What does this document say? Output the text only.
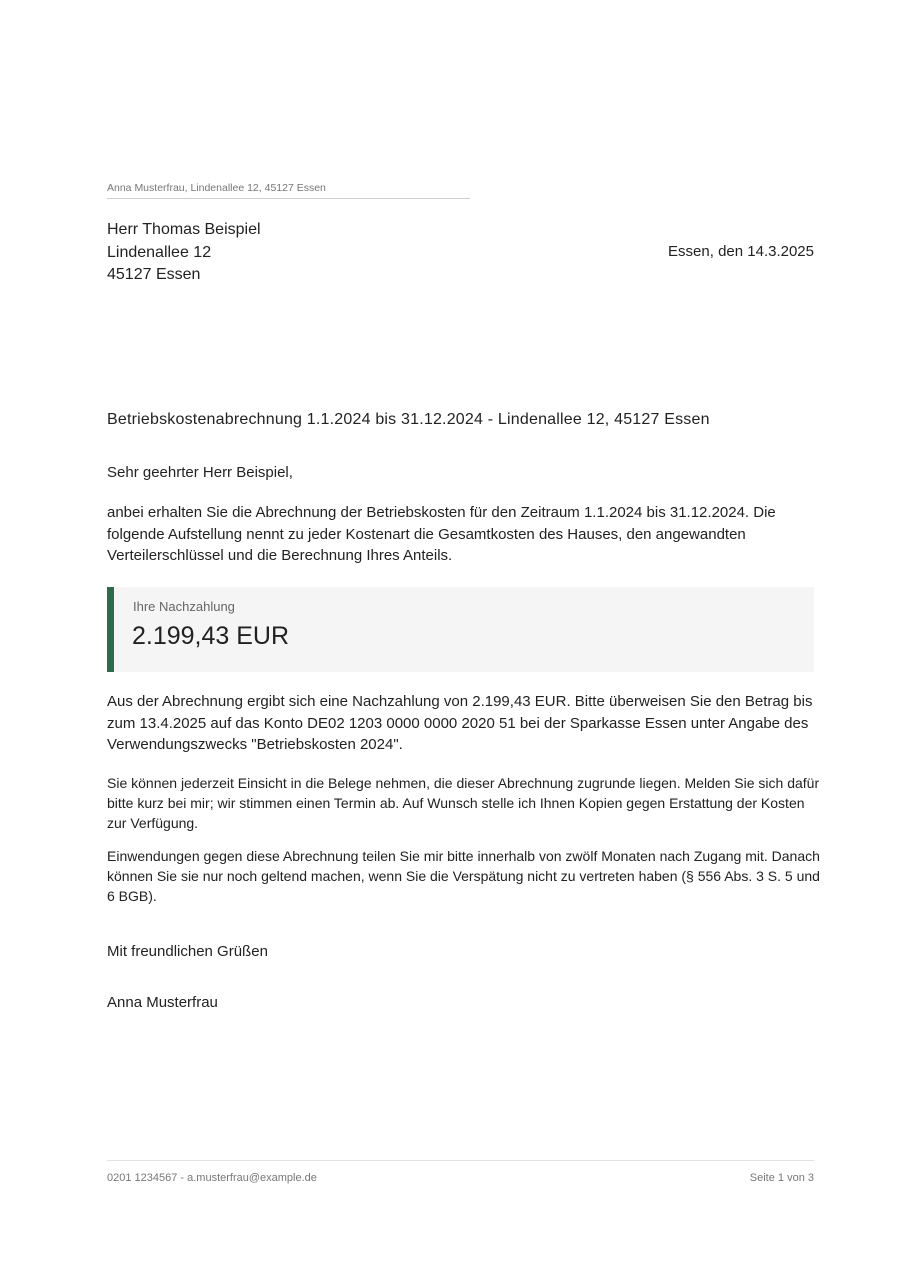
Anna Musterfrau, Lindenallee 12, 45127 Essen
Herr Thomas Beispiel
Lindenallee 12
45127 Essen
Essen, den 14.3.2025
Betriebskostenabrechnung 1.1.2024 bis 31.12.2024 - Lindenallee 12, 45127 Essen
Sehr geehrter Herr Beispiel,

anbei erhalten Sie die Abrechnung der Betriebskosten für den Zeitraum 1.1.2024 bis 31.12.2024. Die folgende Aufstellung nennt zu jeder Kostenart die Gesamtkosten des Hauses, den angewandten Verteilerschlüssel und die Berechnung Ihres Anteils.

Ihre Nachzahlung
2.199,43 EUR

Aus der Abrechnung ergibt sich eine Nachzahlung von 2.199,43 EUR. Bitte überweisen Sie den Betrag bis zum 13.4.2025 auf das Konto DE02 1203 0000 0000 2020 51 bei der Sparkasse Essen unter Angabe des Verwendungszwecks "Betriebskosten 2024".

Sie können jederzeit Einsicht in die Belege nehmen, die dieser Abrechnung zugrunde liegen. Melden Sie sich dafür bitte kurz bei mir; wir stimmen einen Termin ab. Auf Wunsch stelle ich Ihnen Kopien gegen Erstattung der Kosten zur Verfügung.

Einwendungen gegen diese Abrechnung teilen Sie mir bitte innerhalb von zwölf Monaten nach Zugang mit. Danach können Sie sie nur noch geltend machen, wenn Sie die Verspätung nicht zu vertreten haben (§ 556 Abs. 3 S. 5 und 6 BGB).

Mit freundlichen Grüßen
Anna Musterfrau
0201 1234567 - a.musterfrau@example.de	Seite 1 von 3
